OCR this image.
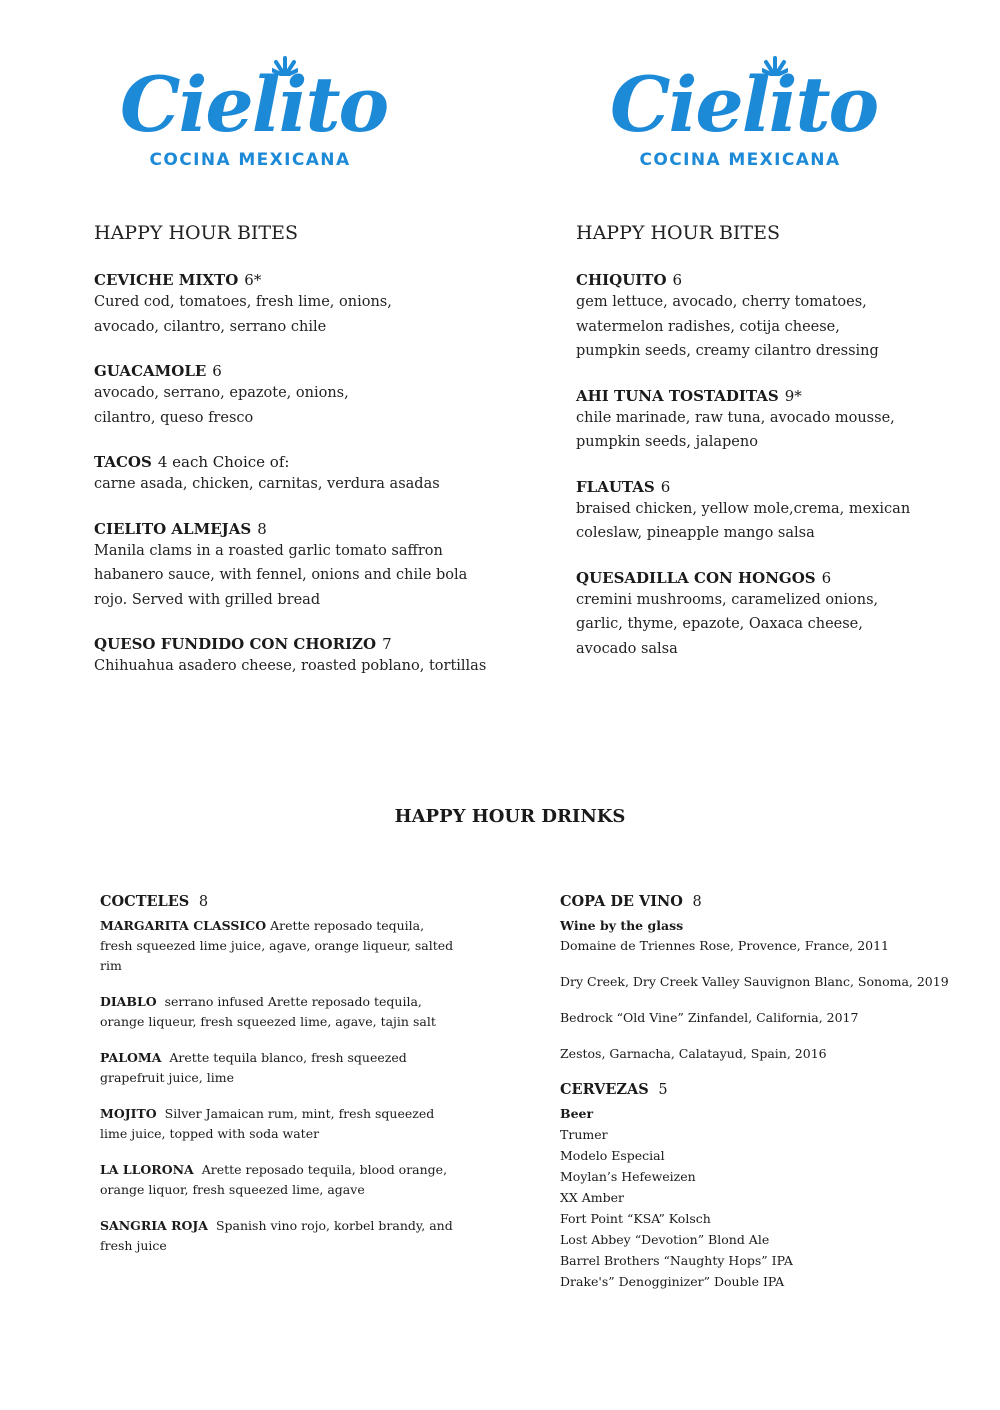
Cielito
COCINA MEXICANA
Cielito
COCINA MEXICANA
HAPPY HOUR BITES
CEVICHE MIXTO 6*
Cured cod, tomatoes, fresh lime, onions,
avocado, cilantro, serrano chile
GUACAMOLE 6
avocado, serrano, epazote, onions,
cilantro, queso fresco
TACOS 4 each Choice of:
carne asada, chicken, carnitas, verdura asadas
CIELITO ALMEJAS 8
Manila clams in a roasted garlic tomato saffron
habanero sauce, with fennel, onions and chile bola
rojo. Served with grilled bread
QUESO FUNDIDO CON CHORIZO 7
Chihuahua asadero cheese, roasted poblano, tortillas
HAPPY HOUR BITES
CHIQUITO 6
gem lettuce, avocado, cherry tomatoes,
watermelon radishes, cotija cheese,
pumpkin seeds, creamy cilantro dressing
AHI TUNA TOSTADITAS 9*
chile marinade, raw tuna, avocado mousse,
pumpkin seeds, jalapeno
FLAUTAS 6
braised chicken, yellow mole,crema, mexican
coleslaw, pineapple mango salsa
QUESADILLA CON HONGOS 6
cremini mushrooms, caramelized onions,
garlic, thyme, epazote, Oaxaca cheese,
avocado salsa
HAPPY HOUR DRINKS
COCTELES 8
MARGARITA CLASSICO Arette reposado tequila, fresh squeezed lime juice, agave, orange liqueur, salted rim
DIABLO serrano infused Arette reposado tequila, orange liqueur, fresh squeezed lime, agave, tajin salt
PALOMA Arette tequila blanco, fresh squeezed grapefruit juice, lime
MOJITO Silver Jamaican rum, mint, fresh squeezed lime juice, topped with soda water
LA LLORONA Arette reposado tequila, blood orange, orange liquor, fresh squeezed lime, agave
SANGRIA ROJA Spanish vino rojo, korbel brandy, and fresh juice
COPA DE VINO 8
Wine by the glass
Domaine de Triennes Rose, Provence, France, 2011
Dry Creek, Dry Creek Valley Sauvignon Blanc, Sonoma, 2019
Bedrock “Old Vine” Zinfandel, California, 2017
Zestos, Garnacha, Calatayud, Spain, 2016
CERVEZAS 5
Beer
Trumer
Modelo Especial
Moylan’s Hefeweizen
XX Amber
Fort Point “KSA” Kolsch
Lost Abbey “Devotion” Blond Ale
Barrel Brothers “Naughty Hops” IPA
Drake's” Denogginizer” Double IPA
